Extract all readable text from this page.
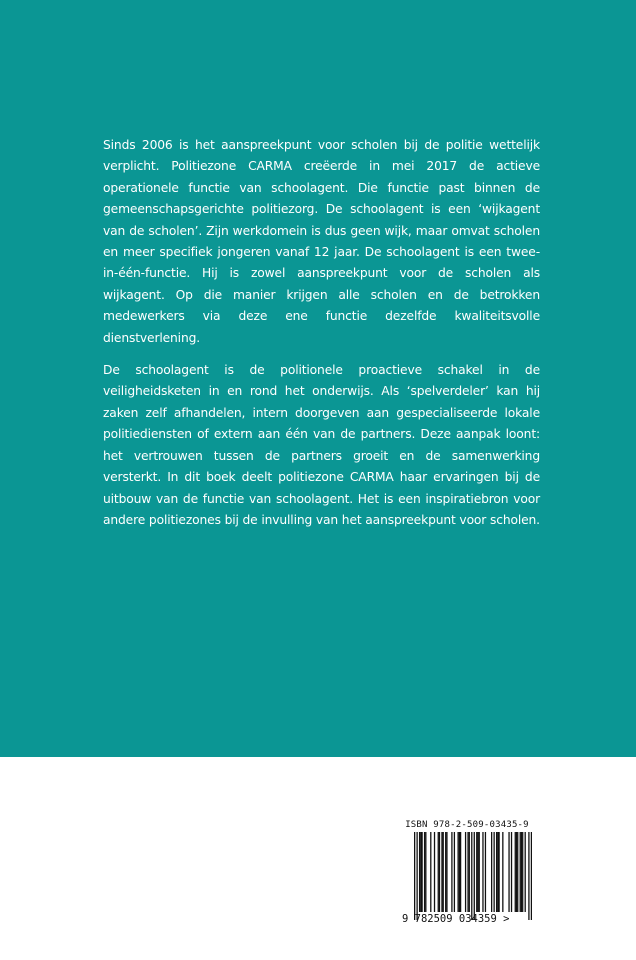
Sinds 2006 is het aanspreekpunt voor scholen bij de politie wettelijk verplicht. Politiezone CARMA creëerde in mei 2017 de actieve operationele functie van schoolagent. Die functie past binnen de gemeenschapsgerichte politiezorg. De schoolagent is een ‘wijkagent van de scholen’. Zijn werkdomein is dus geen wijk, maar omvat scholen en meer specifiek jongeren vanaf 12 jaar. De schoolagent is een twee-in-één-functie. Hij is zowel aanspreekpunt voor de scholen als wijkagent. Op die manier krijgen alle scholen en de betrokken medewerkers via deze ene functie dezelfde kwaliteitsvolle dienstverlening.

De schoolagent is de politionele proactieve schakel in de veiligheidsketen in en rond het onderwijs. Als ‘spelverdeler’ kan hij zaken zelf afhandelen, intern doorgeven aan gespecialiseerde lokale politiediensten of extern aan één van de partners. Deze aanpak loont: het vertrouwen tussen de partners groeit en de samenwerking versterkt. In dit boek deelt politiezone CARMA haar ervaringen bij de uitbouw van de functie van schoolagent. Het is een inspiratiebron voor andere politiezones bij de invulling van het aanspreekpunt voor scholen.

ISBN 978-2-509-03435-9
9 782509 034359 >
